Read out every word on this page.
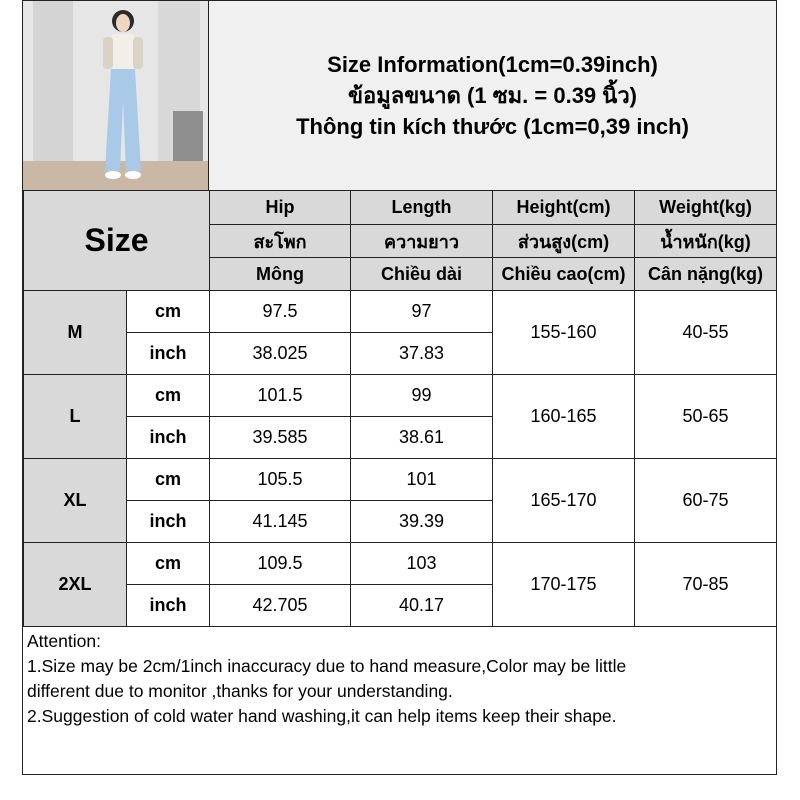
Size Information(1cm=0.39inch)
ข้อมูลขนาด (1 ซม. = 0.39 นิ้ว)
Thông tin kích thước (1cm=0,39 inch)
Size		Hip	Length	Height(cm)	Weight(kg)
		สะโพก	ความยาว	ส่วนสูง(cm)	น้ำหนัก(kg)
		Mông	Chiều dài	Chiều cao(cm)	Cân nặng(kg)
M	cm	97.5	97	155-160	40-55
	inch	38.025	37.83		
L	cm	101.5	99	160-165	50-65
	inch	39.585	38.61		
XL	cm	105.5	101	165-170	60-75
	inch	41.145	39.39		
2XL	cm	109.5	103	170-175	70-85
	inch	42.705	40.17		
Attention:
1.Size may be 2cm/1inch inaccuracy due to hand measure,Color may be little
different due to monitor ,thanks for your understanding.
2.Suggestion of cold water hand washing,it can help items keep their shape.
